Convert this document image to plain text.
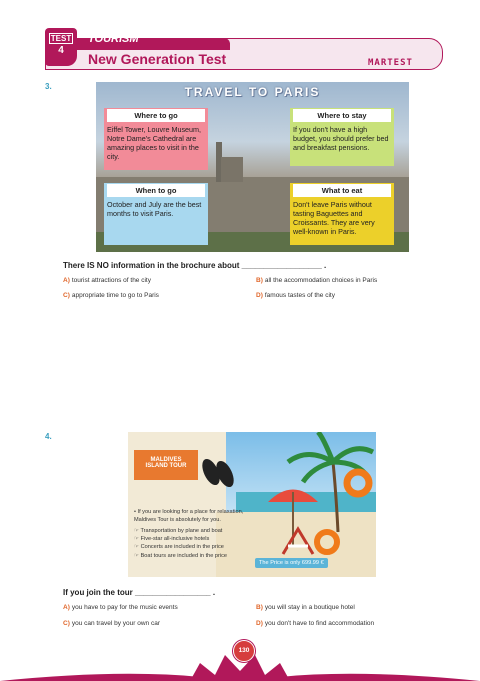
TEST
4
TOURISM
New Generation Test	MARTEST
3.	TRAVEL TO PARIS
Where to go
Eiffel Tower, Louvre Museum, Notre Dame's Cathedral are amazing places to visit in the city.
Where to stay
If you don't have a high budget, you should prefer bed and breakfast pensions.
When to go
October and July are the best months to visit Paris.
What to eat
Don't leave Paris without tasting Baguettes and Croissants. They are very well-known in Paris.
There IS NO information in the brochure about __________________ .
A) tourist attractions of the city	B) all the accommodation choices in Paris
C) appropriate time to go to Paris	D) famous tastes of the city
4.
MALDIVES
ISLAND TOUR
• If you are looking for a place for relaxation, Maldives Tour is absolutely for you.
☞ Transportation by plane and boat
☞ Five-star all-inclusive hotels
☞ Concerts are included in the price
☞ Boat tours are included in the price
The Price is only 699.99 €
If you join the tour _________________ .
A) you have to pay for the music events	B) you will stay in a boutique hotel
C) you can travel by your own car	D) you don't have to find accommodation
130
